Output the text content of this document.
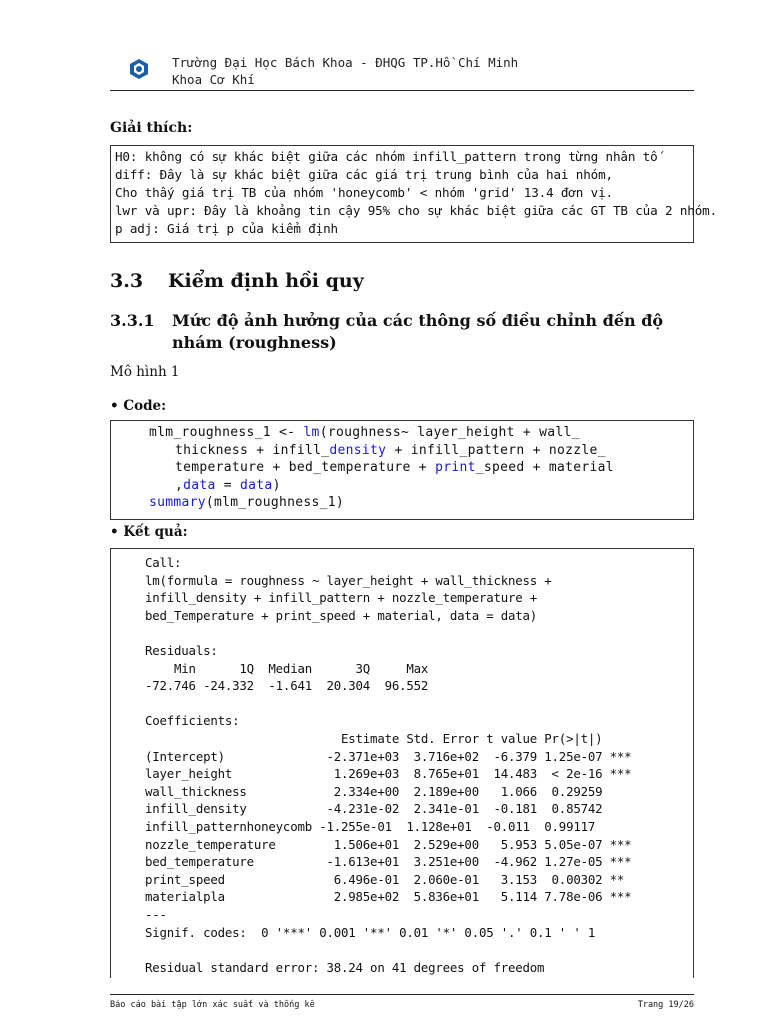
Trường Đại Học Bách Khoa - ĐHQG TP.Hồ Chí Minh
Khoa Cơ Khí
Giải thích:
H0: không có sự khác biệt giữa các nhóm infill_pattern trong từng nhân tố
diff: Đây là sự khác biệt giữa các giá trị trung bình của hai nhóm,
Cho thấy giá trị TB của nhóm 'honeycomb' < nhóm 'grid' 13.4 đơn vị.
lwr và upr: Đây là khoảng tin cậy 95% cho sự khác biệt giữa các GT TB của 2 nhóm.
p adj: Giá trị p của kiểm định
3.3 Kiểm định hồi quy
3.3.1 Mức độ ảnh hưởng của các thông số điều chỉnh đến độ
nhám (roughness)
Mô hình 1
• Code:
mlm_roughness_1 <- lm(roughness~ layer_height + wall_
thickness + infill_density + infill_pattern + nozzle_
temperature + bed_temperature + print_speed + material
,data = data)
summary(mlm_roughness_1)
• Kết quả:
Call:
lm(formula = roughness ~ layer_height + wall_thickness +
infill_density + infill_pattern + nozzle_temperature +
bed_Temperature + print_speed + material, data = data)
Residuals:
Min      1Q  Median      3Q     Max
-72.746 -24.332  -1.641  20.304  96.552
Coefficients:
Estimate Std. Error t value Pr(>|t|)
(Intercept)              -2.371e+03  3.716e+02  -6.379 1.25e-07 ***
layer_height              1.269e+03  8.765e+01  14.483  < 2e-16 ***
wall_thickness            2.334e+00  2.189e+00   1.066  0.29259
infill_density           -4.231e-02  2.341e-01  -0.181  0.85742
infill_patternhoneycomb -1.255e-01  1.128e+01  -0.011  0.99117
nozzle_temperature        1.506e+01  2.529e+00   5.953 5.05e-07 ***
bed_temperature          -1.613e+01  3.251e+00  -4.962 1.27e-05 ***
print_speed               6.496e-01  2.060e-01   3.153  0.00302 **
materialpla               2.985e+02  5.836e+01   5.114 7.78e-06 ***
---
Signif. codes:  0 '***' 0.001 '**' 0.01 '*' 0.05 '.' 0.1 ' ' 1
Residual standard error: 38.24 on 41 degrees of freedom
Báo cáo bài tập lớn xác suất và thống kê	Trang 19/26
